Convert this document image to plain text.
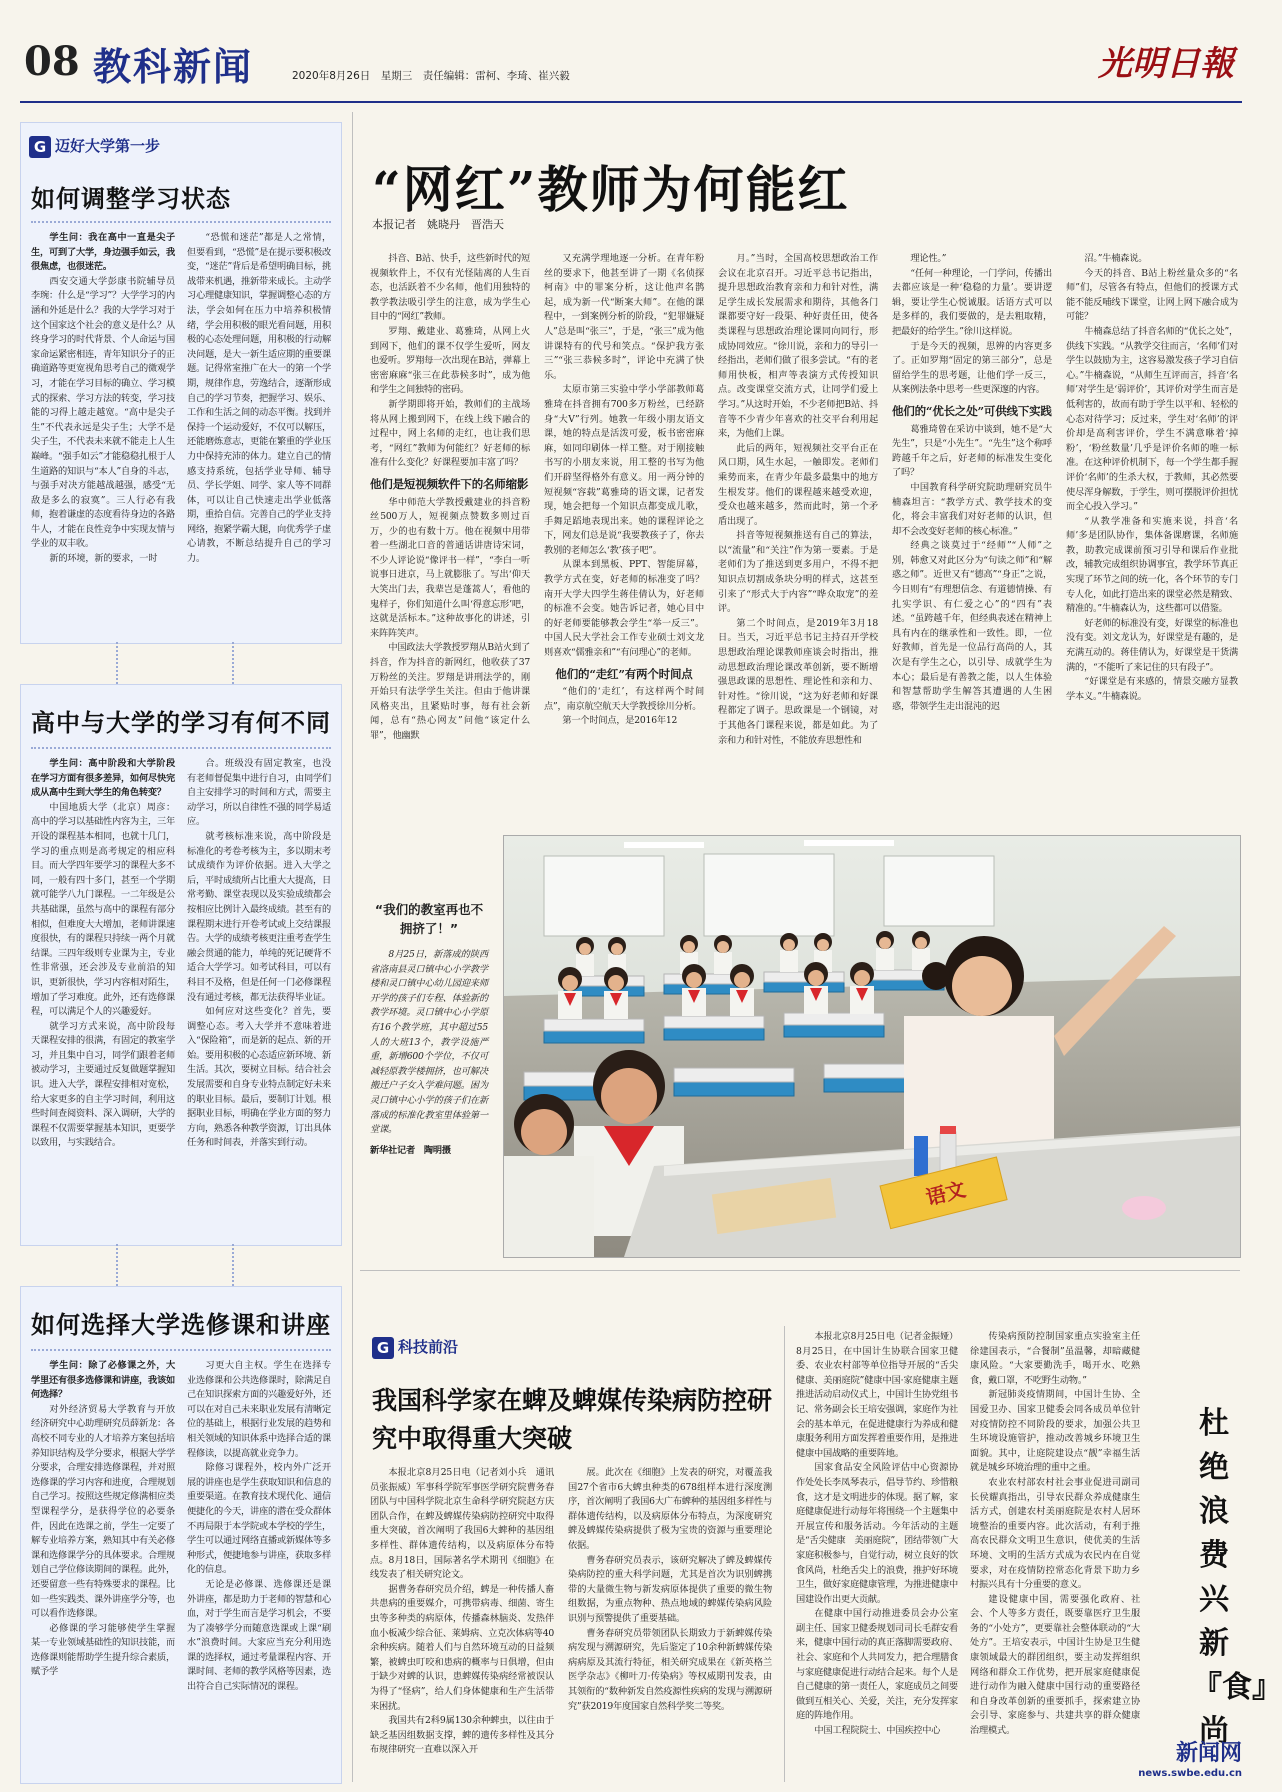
08 教科新闻	2020年8月26日　星期三　责任编辑：雷柯、李琦、崔兴毅	光明日報
G 迈好大学第一步
如何调整学习状态

学生问：我在高中一直是尖子生，可到了大学，身边强手如云，我很焦虑，也很迷茫。

西安交通大学彭康书院辅导员李琬：什么是“学习”？大学学习的内涵和外延是什么？我的大学学习对于这个国家这个社会的意义是什么？从终身学习的时代背景、个人命运与国家命运紧密相连，青年知识分子的正确道路等更宽视角思考自己的微观学习，才能在学习目标的确立、学习模式的探索、学习方法的转变，学习技能的习得上越走越宽。“高中是尖子生”不代表永远是尖子生；大学不是尖子生，不代表未来就不能走上人生巅峰。“强手如云”才能稳稳扎根于人生道路的知识与“本人”自身的斗志，与强手对决方能越战越强，感受“无敌是多么的寂寞”。三人行必有我师，抱着谦虚的态度看待身边的各路牛人，才能在良性竞争中实现友情与学业的双丰收。

新的环境，新的要求，一时

“恐慌和迷茫”都是人之常情，但要看到，“恐慌”是在提示要积极改变，“迷茫”背后是希望明确目标，挑战带来机遇，推新带来成长。主动学习心理健康知识，掌握调整心态的方法，学会如何在压力中培养积极情绪，学会用积极的眼光看问题，用积极的心态处理问题，用积极的行动解决问题，是大一新生适应期的重要课题。记得常室推广在大一的第一个学期，规律作息，劳逸结合，逐渐形成自己的学习节奏，把握学习、娱乐、工作和生活之间的动态平衡。找到并保持一个运动爱好，不仅可以解压，还能磨炼意志，更能在繁重的学业压力中保持充沛的体力。建立自己的情感支持系统，包括学业导师、辅导员、学长学姐、同学、家人等不同群体，可以让自己快速走出学业低落期，重拾自信。完善自己的学业支持网络，抱紧学霸大腿，向优秀学子虚心请教，不断总结提升自己的学习力。

高中与大学的学习有何不同

学生问：高中阶段和大学阶段在学习方面有很多差异，如何尽快完成从高中生到大学生的角色转变？

中国地质大学（北京）周彦：高中的学习以基础性内容为主，三年开设的课程基本相同，也就十几门，学习的重点则是高考规定的相应科目。而大学四年要学习的课程大多不同，一般有四十多门，甚至一个学期就可能学八九门课程。一二年级是公共基础课，虽然与高中的课程有部分相似，但难度大大增加，老师讲课速度很快，有的课程只持续一两个月就结课。三四年级则专业课为主，专业性非常强，还会涉及专业前沿的知识，更新很快，学习内容相对陌生，增加了学习难度。此外，还有选修课程，可以满足个人的兴趣爱好。

就学习方式来说，高中阶段每天课程安排的很满，有固定的教室学习，并且集中自习，同学们跟着老师被动学习，主要通过反复做题掌握知识。进入大学，课程安排相对宽松，给大家更多的自主学习时间，利用这些时间查阅资料、深入调研，大学的课程不仅需要掌握基本知识，更要学以致用，与实践结合。

合。班级没有固定教室，也没有老师督促集中进行自习，由同学们自主安排学习的时间和方式，需要主动学习，所以自律性不强的同学易适应。

就考核标准来说，高中阶段是标准化的考卷考核为主，多以期末考试成绩作为评价依据。进入大学之后，平时成绩所占比重大大提高，日常考勤、课堂表现以及实验成绩都会按相应比例计入最终成绩。甚至有的课程期末进行开卷考试或上交结课报告。大学的成绩考核更注重考查学生融会贯通的能力，单纯的死记硬背不适合大学学习。如考试科目，可以有科目不及格，但是任何一门必修课程没有通过考核，都无法获得毕业证。

如何应对这些变化？首先，要调整心态。考入大学并不意味着进入“保险箱”，而是新的起点、新的开始。要用积极的心态适应新环境、新生活。其次，要树立目标。结合社会发展需要和自身专业特点制定好未来的职业目标。最后，要制订计划。根据职业目标，明确在学业方面的努力方向，熟悉各种教学资源，订出具体任务和时间表，并落实到行动。

如何选择大学选修课和讲座

学生问：除了必修课之外，大学里还有很多选修课和讲座，我该如何选择？

对外经济贸易大学教育与开放经济研究中心助理研究员薛新龙：各高校不同专业的人才培养方案包括培养知识结构及学分要求，根据大学学分要求，合理安排选修课程，并对照选修课的学习内容和进度，合理规划自己学习。按照这些规定修满相应类型课程学分，是获得学位的必要条件，因此在选课之前，学生一定要了解专业培养方案，熟知其中有关必修课和选修课学分的具体要求。合理规划自己学位修读期间的课程。此外，还要留意一些有特殊要求的课程。比如一些实践类、课外讲座学分等，也可以看作选修课。

必修课的学习能够使学生掌握某一专业领域基础性的知识技能，而选修课则能帮助学生提升综合素质，赋予学

习更大自主权。学生在选择专业选修课和公共选修课时，除满足自己在知识探索方面的兴趣爱好外，还可以在对自己未来职业发展有清晰定位的基础上，根据行业发展的趋势和相关领域的知识体系中选择合适的课程修读，以提高就业竞争力。

除修习课程外，校内外广泛开展的讲座也是学生获取知识和信息的重要渠道。在教育技术现代化、通信便捷化的今天，讲座的潜在受众群体不再局限于本学院或本学校的学生，学生可以通过网络直播或新媒体等多种形式，便捷地参与讲座，获取多样化的信息。

无论是必修课、选修课还是课外讲座，都是助力于老师的智慧和心血，对于学生而言是学习机会，不要为了凑够学分而随意选课或上课“刷水”浪费时间。大家应当充分利用选课的选择权，通过考量课程内容、开课时间、老师的教学风格等因素，选出符合自己实际情况的课程。

“网红”教师为何能红
本报记者　姚晓丹　晋浩天

抖音、B站、快手，这些新时代的短视频软件上，不仅有光怪陆离的人生百态，也活跃着不少名师，他们用独特的教学教法吸引学生的注意，成为学生心目中的“网红”教师。

罗翔、戴建业、葛雅琦，从网上火到网下，他们的课不仅学生爱听，网友也爱听。罗翔每一次出现在B站，弹幕上密密麻麻“张三在此恭候多时”，成为他和学生之间独特的密码。

新学期即将开始，教师们的主战场将从网上搬到网下，在线上线下融合的过程中，网上名师的走红，也让我们思考，“网红”教师为何能红？好老师的标准有什么变化？好课程要加丰富了吗？

他们是短视频软件下的名师缩影

华中师范大学教授戴建业的抖音粉丝500万人，短视频点赞数多则过百万，少的也有数十万。他在视频中用带着一些湖北口音的普通话讲唐诗宋词，不少人评论说“像评书一样”，“李白一听说事日进京，马上就膨胀了。写出‘仰天大笑出门去，我辈岂是蓬蒿人’，看他的鬼样子，你们知道什么叫‘得意忘形’吧，这就是活标本。”这种故事化的讲述，引来阵阵笑声。

中国政法大学教授罗翔从B站火到了抖音，作为抖音的新网红，他收获了37万粉丝的关注。罗翔是讲刑法学的，刚开始只有法学学生关注。但由于他讲课风格夹出，且紧贴时事，每有社会新闻，总有“热心网友”问他“该定什么罪”，他幽默

又充满学理地逐一分析。在青年粉丝的要求下，他甚至讲了一期《名侦探柯南》中的罪案分析，这让他声名鹊起，成为新一代“断案大师”。在他的课程中，一到案例分析的阶段，“犯罪嫌疑人”总是叫“张三”，于是，“张三”成为他讲课特有的代号和笑点。“保护我方张三”“张三恭候多时”，评论中充满了快乐。

太原市第三实验中学小学部教师葛雅琦在抖音拥有700多万粉丝，已经跻身“大V”行列。她教一年级小朋友语文课，她的特点是活泼可爱，板书密密麻麻，如同印刷体一样工整。对于刚接触书写的小朋友来说，用工整的书写为他们开辟坚得格外有意义。用一两分钟的短视频“容载”葛雅琦的语文课，记者发现，她会把每一个知识点都变成儿歌，手舞足蹈地表现出来。她的课程评论之下，网友们总是说“我要教孩子了，你去教别的老师怎么‘教’孩子吧”。

从课本到黑板、PPT、智能屏幕，教学方式在变，好老师的标准变了吗？南开大学大四学生蒋佳倩认为，好老师的标准不会变。她告诉记者，她心目中的好老师要能够教会学生“举一反三”。中国人民大学社会工作专业硕士刘文龙则喜欢“儒雅亲和”“有问理心”的老师。

他们的“走红”有两个时间点

“他们的‘走红’，有这样两个时间点”，南京航空航天大学教授徐川分析。

第一个时间点，是2016年12

月。”当时，全国高校思想政治工作会议在北京召开。习近平总书记指出，提升思想政治教育亲和力和针对性，满足学生成长发展需求和期待，其他各门课都要守好一段渠、种好责任田，使各类课程与思想政治理论课同向同行，形成协同效应。“徐川说，亲和力的导引一经指出，老师们做了很多尝试。“有的老师用快板，相声等表演方式传授知识点。改变课堂交流方式，让同学们爱上学习。”从这时开始，不少老师把B站、抖音等不少青少年喜欢的社交平台利用起来，为他们上课。

此后的两年，短视频社交平台正在风口期，风生水起，一触即发。老师们乘势而来，在青少年最多最集中的地方生根发芽。他们的课程越来越受欢迎，受众也越来越多，然而此时，第一个矛盾出现了。

抖音等短视频推送有自己的算法，以“流量”和“关注”作为第一要素。于是老师们为了推送到更多用户，不得不把知识点切割成条块分明的样式，这甚至引来了“形式大于内容”“哗众取宠”的差评。

第二个时间点，是2019年3月18日。当天，习近平总书记主持召开学校思想政治理论课教师座谈会时指出，推动思想政治理论课改革创新，要不断增强思政课的思想性、理论性和亲和力、针对性。“徐川说，“这为好老师和好课程都定了调子。思政课是一个钢镜，对于其他各门课程来说，都是如此。为了亲和力和针对性，不能放弃思想性和

理论性。”

“任何一种理论，一门学问，传播出去都应该是一种‘稳稳的力量’。要讲逻辑，要让学生心悦诚服。话语方式可以是多样的，我们要做的，是去粗取精，把最好的给学生。”徐川这样说。

于是今天的视频，思辨的内容更多了。正如罗翔“固定的第三部分”，总是留给学生的思考题，让他们学一反三，从案例法条中思考一些更深邃的内容。

他们的“优长之处”可供线下实践

葛雅琦曾在采访中谈到，她不是“大先生”，只是“小先生”。“先生”这个称呼跨越千年之后，好老师的标准发生变化了吗？

中国教育科学研究院助理研究员牛楠森坦言：“教学方式、教学技术的变化，将会丰富我们对好老师的认识，但却不会改变好老师的核心标准。”

经典之谈莫过于“经师”“人师”之别，韩愈又对此区分为“句读之师”和“解惑之师”。近世又有“德高”“身正”之说，今日则有“有理想信念、有道德情操、有扎实学识、有仁爱之心”的“四有”表述。“虽跨越千年，但经典表述在精神上具有内在的继承性和一致性。即，一位好教师，首先是一位品行高尚的人，其次是有学生之心，以引导、成就学生为本心；最后是有善教之能，以人生体验和智慧帮助学生解答其遭遇的人生困惑，带领学生走出混沌的迟

沼。”牛楠森说。

今天的抖音、B站上粉丝量众多的“名师”们，尽管各有特点，但他们的授课方式能不能反哺线下课堂，让网上网下融合成为可能？

牛楠森总结了抖音名师的“优长之处”，供线下实践。“从教学交往而言，‘名师’们对学生以鼓励为主，这容易激发孩子学习自信心。”牛楠森说，“从师生互评而言，抖音‘名师’对学生是‘弱评价’，其评价对学生而言是低利害的，故而有助于学生以平和、轻松的心态对待学习；反过来，学生对‘名师’的评价却是高利害评价，学生不满意咻着‘掉粉’，‘粉丝数量’几乎是评价名师的唯一标准。在这种评价机制下，每一个学生都手握评价‘名师’的生杀大权，于教师，其必然要使尽浑身解数，于学生，则可摆脱评价担忧而全心投入学习。”

“从教学准备和实施来说，抖音‘名师’多是团队协作，集体备课磨课，名师施教，助教完成课前预习引导和课后作业批改，辅教完成组织协调事宜，教学环节真正实现了环节之间的统一化，各个环节的专门专人化，如此打造出来的课堂必然是精致、精准的。”牛楠森认为，这些都可以借鉴。

好老师的标准没有变，好课堂的标准也没有变。刘文龙认为，好课堂是有趣的，是充满互动的。蒋佳倩认为，好课堂是干货满满的，“不能听了来记住的只有段子”。

“好课堂是有来感的，情景交融方显教学本义。”牛楠森说。

“我们的教室再也不拥挤了！”
8月25日，新落成的陕西省洛南县灵口镇中心小学教学楼和灵口镇中心幼儿园迎来师开学的孩子们专程、体验新的教学环境。灵口镇中心小学原有16个教学班，其中超过55人的大班13个，教学设施严重，新增600个学位，不仅可减轻原教学楼拥挤，也可解决搬迁户子女入学难问题。困为灵口镇中心小学的孩子们在新落成的标准化教室里体验第一堂课。
新华社记者　陶明摄
语文
G 科技前沿
我国科学家在蜱及蜱媒传染病防控研究中取得重大突破

本报北京8月25日电（记者刘小兵　通讯员张振威）军事科学院军事医学研究院曹务春团队与中国科学院北京生命科学研究院赵方庆团队合作，在蜱及蜱媒传染病防控研究中取得重大突破，首次阐明了我国6大蜱种的基因组多样性、群体遗传结构，以及病原体分布特点。8月18日，国际著名学术期刊《细胞》在线发表了相关研究论文。

据曹务春研究员介绍，蜱是一种传播人畜共患病的重要媒介，可携带病毒、细菌、寄生虫等多种类的病原体，传播森林脑炎、发热伴血小板减少综合征、莱姆病、立克次体病等40余种疾病。随着人们与自然环境互动的日益频繁，被蜱虫叮咬和患病的概率与日俱增，但由于缺少对蜱的认识，患蜱媒传染病经常被误认为得了“怪病”，给人们身体健康和生产生活带来困扰。

我国共有2科9属130余种蜱虫，以往由于缺乏基因组数据支撑，蜱的遗传多样性及其分布规律研究一直难以深入开

展。此次在《细胞》上发表的研究，对覆盖我国27个省市6大蜱虫种类的678组样本进行深度测序，首次阐明了我国6大广布蜱种的基因组多样性与群体遗传结构，以及病原体分布特点，为深度研究蜱及蜱媒传染病提供了极为宝贵的资源与重要理论依据。

曹务春研究员表示，该研究解决了蜱及蜱媒传染病防控的重大科学问题，尤其是首次为识别蜱携带的大量微生物与新发病原体提供了重要的微生物组数据，为重点物种、热点地域的蜱媒传染病风险识别与预警提供了重要基础。

曹务春研究员带领团队长期致力于新蜱媒传染病发现与溯源研究，先后鉴定了10余种新蜱媒传染病病原及其流行特征，相关研究成果在《新英格兰医学杂志》《柳叶刀·传染病》等权威期刊发表，由其领衔的“数种新发自然疫源性疾病的发现与溯源研究”获2019年度国家自然科学奖二等奖。

本报北京8月25日电（记者金振娅）8月25日，在中国计生协联合国家卫健委、农业农村部等单位指导开展的“舌尖健康、美丽庭院”健康中国·家庭健康主题推进活动启动仪式上，中国计生协党组书记、常务副会长王培安强调，家庭作为社会的基本单元，在促进健康行为养成和健康服务利用方面发挥着重要作用，是推进健康中国战略的重要阵地。

国家食品安全风险评估中心资源协作处处长李凤琴表示，倡导节约、珍惜粮食，这才是文明进步的体现。据了解，家庭健康促进行动每年将围绕一个主题集中开展宣传和服务活动。今年活动的主题是“舌尖健康　美丽庭院”，团结带领广大家庭积极参与，自觉行动，树立良好的饮食风尚，杜绝舌尖上的浪费，推护好环境卫生，做好家庭健康管理，为推进健康中国建设作出更大贡献。

在健康中国行动推进委员会办公室副主任、国家卫健委规划司司长毛群安看来，健康中国行动的真正落脚需要政府、社会、家庭和个人共同发力，把合理膳食与家庭健康促进行动结合起来。每个人是自己健康的第一责任人，家庭成员之间要做到互相关心、关爱，关注，充分发挥家庭的阵地作用。

中国工程院院士、中国疾控中心

传染病预防控制国家重点实验室主任徐建国表示，“合餐制”虽温馨，却暗藏健康风险。“大家要勤洗手，喝开水、吃熟食，戴口罩，不吃野生动物。”

新冠肺炎疫情期间，中国计生协、全国爱卫办、国家卫健委会同各成员单位针对疫情防控不同阶段的要求，加强公共卫生环境设施管护，推动改善城乡环境卫生面貌。其中，让庭院建设点“靓”幸福生活就是城乡环境治理的重中之重。

农业农村部农村社会事业促进司副司长侯耀真指出，引导农民群众养成健康生活方式，创建农村美丽庭院是农村人居环境整治的重要内容。此次活动，有利于推高农民群众文明卫生意识，使优美的生活环境、文明的生活方式成为农民内在自觉要求，对在疫情防控常态化背景下助力乡村振兴具有十分重要的意义。

建设健康中国，需要强化政府、社会、个人等多方责任，既要靠医疗卫生服务的“小处方”，更要靠社会整体联动的“大处方”。王培安表示，中国计生协是卫生健康领域最大的群团组织，要主动发挥组织网络和群众工作优势，把开展家庭健康促进行动作为融入健康中国行动的重要路径和自身改革创新的重要抓手，探索建立协会引导、家庭参与、共建共享的群众健康治理模式。

杜绝浪费兴新『食』尚
新闻网
news.swbe.edu.cn
